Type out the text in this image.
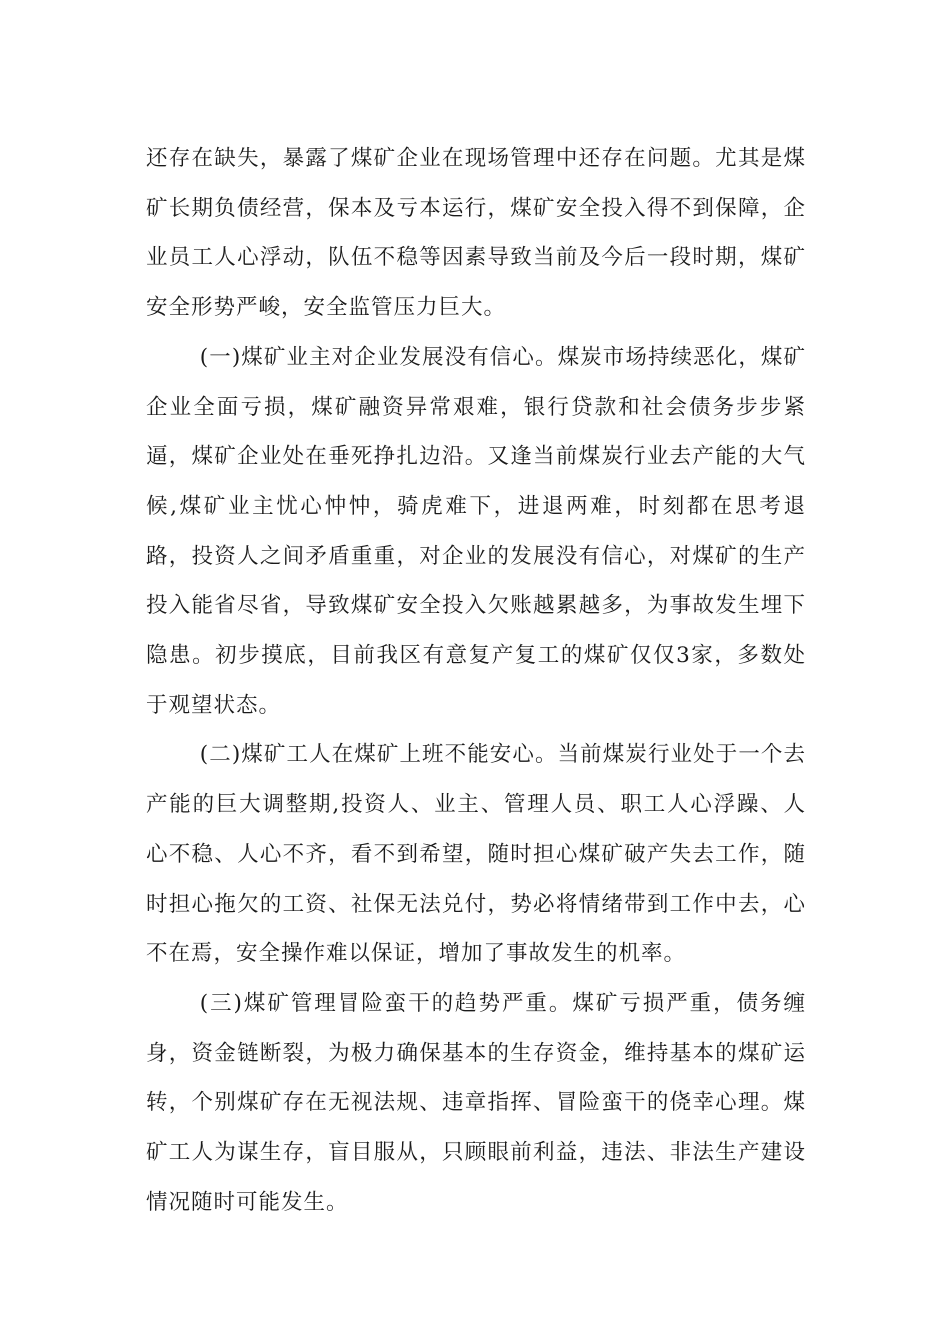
还存在缺失，暴露了煤矿企业在现场管理中还存在问题。尤其是煤矿长期负债经营，保本及亏本运行，煤矿安全投入得不到保障，企业员工人心浮动，队伍不稳等因素导致当前及今后一段时期，煤矿安全形势严峻，安全监管压力巨大。

(一)煤矿业主对企业发展没有信心。煤炭市场持续恶化，煤矿企业全面亏损，煤矿融资异常艰难，银行贷款和社会债务步步紧逼，煤矿企业处在垂死挣扎边沿。又逢当前煤炭行业去产能的大气候,煤矿业主忧心忡忡，骑虎难下，进退两难，时刻都在思考退路，投资人之间矛盾重重，对企业的发展没有信心，对煤矿的生产投入能省尽省，导致煤矿安全投入欠账越累越多，为事故发生埋下隐患。初步摸底，目前我区有意复产复工的煤矿仅仅3家，多数处于观望状态。

(二)煤矿工人在煤矿上班不能安心。当前煤炭行业处于一个去产能的巨大调整期,投资人、业主、管理人员、职工人心浮躁、人心不稳、人心不齐，看不到希望，随时担心煤矿破产失去工作，随时担心拖欠的工资、社保无法兑付，势必将情绪带到工作中去，心不在焉，安全操作难以保证，增加了事故发生的机率。

(三)煤矿管理冒险蛮干的趋势严重。煤矿亏损严重，债务缠身，资金链断裂，为极力确保基本的生存资金，维持基本的煤矿运转，个别煤矿存在无视法规、违章指挥、冒险蛮干的侥幸心理。煤矿工人为谋生存，盲目服从，只顾眼前利益，违法、非法生产建设情况随时可能发生。
